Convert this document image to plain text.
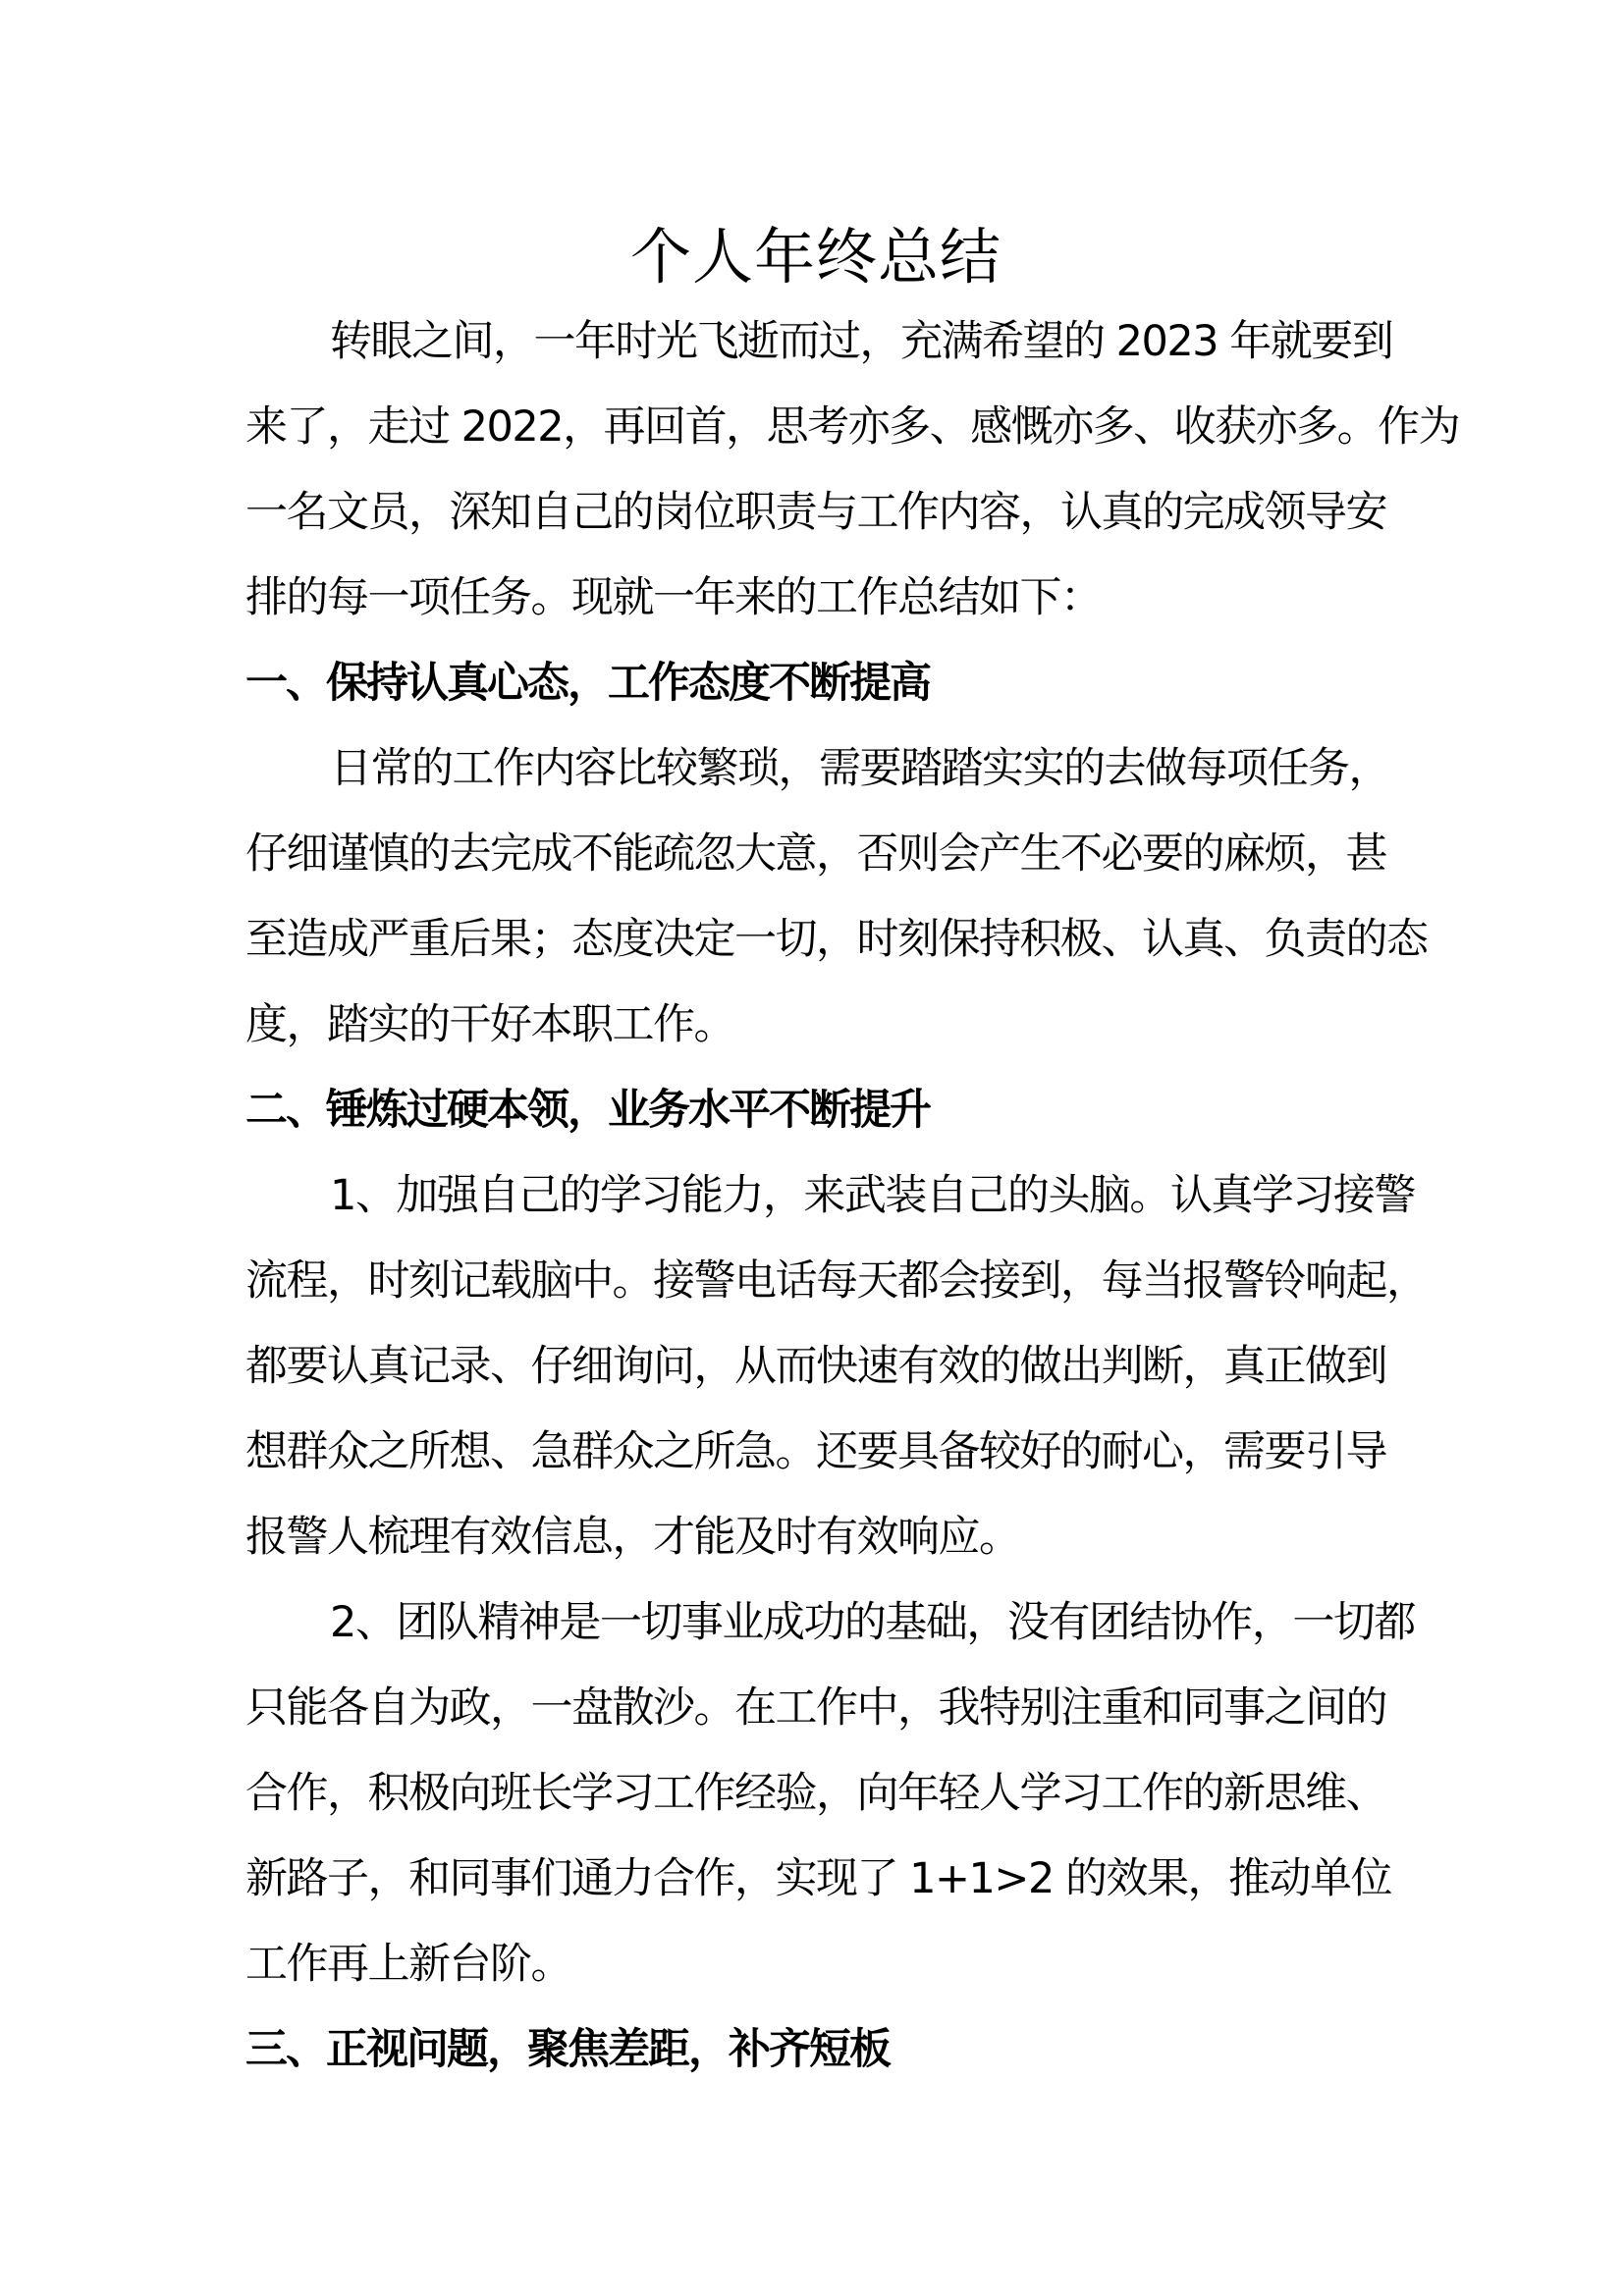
个人年终总结
转眼之间，一年时光飞逝而过，充满希望的 2023 年就要到
来了，走过 2022，再回首，思考亦多、感慨亦多、收获亦多。作为
一名文员，深知自己的岗位职责与工作内容，认真的完成领导安
排的每一项任务。现就一年来的工作总结如下：
一、保持认真心态，工作态度不断提高
日常的工作内容比较繁琐，需要踏踏实实的去做每项任务，
仔细谨慎的去完成不能疏忽大意，否则会产生不必要的麻烦，甚
至造成严重后果；态度决定一切，时刻保持积极、认真、负责的态
度，踏实的干好本职工作。
二、锤炼过硬本领，业务水平不断提升
1、加强自己的学习能力，来武装自己的头脑。认真学习接警
流程，时刻记载脑中。接警电话每天都会接到，每当报警铃响起，
都要认真记录、仔细询问，从而快速有效的做出判断，真正做到
想群众之所想、急群众之所急。还要具备较好的耐心，需要引导
报警人梳理有效信息，才能及时有效响应。
2、团队精神是一切事业成功的基础，没有团结协作，一切都
只能各自为政，一盘散沙。在工作中，我特别注重和同事之间的
合作，积极向班长学习工作经验，向年轻人学习工作的新思维、
新路子，和同事们通力合作，实现了 1+1>2 的效果，推动单位
工作再上新台阶。
三、正视问题，聚焦差距，补齐短板
